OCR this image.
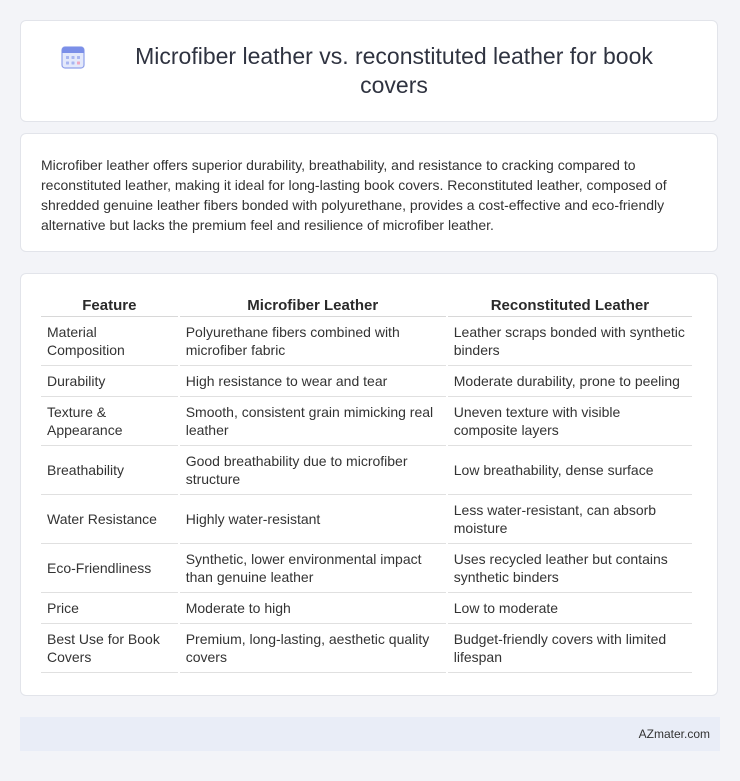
Microfiber leather vs. reconstituted leather for book covers

Microfiber leather offers superior durability, breathability, and resistance to cracking compared to reconstituted leather, making it ideal for long-lasting book covers. Reconstituted leather, composed of shredded genuine leather fibers bonded with polyurethane, provides a cost-effective and eco-friendly alternative but lacks the premium feel and resilience of microfiber leather.

Feature	Microfiber Leather	Reconstituted Leather
Material Composition	Polyurethane fibers combined with microfiber fabric	Leather scraps bonded with synthetic binders
Durability	High resistance to wear and tear	Moderate durability, prone to peeling
Texture & Appearance	Smooth, consistent grain mimicking real leather	Uneven texture with visible composite layers
Breathability	Good breathability due to microfiber structure	Low breathability, dense surface
Water Resistance	Highly water-resistant	Less water-resistant, can absorb moisture
Eco-Friendliness	Synthetic, lower environmental impact than genuine leather	Uses recycled leather but contains synthetic binders
Price	Moderate to high	Low to moderate
Best Use for Book Covers	Premium, long-lasting, aesthetic quality covers	Budget-friendly covers with limited lifespan
AZmater.com
